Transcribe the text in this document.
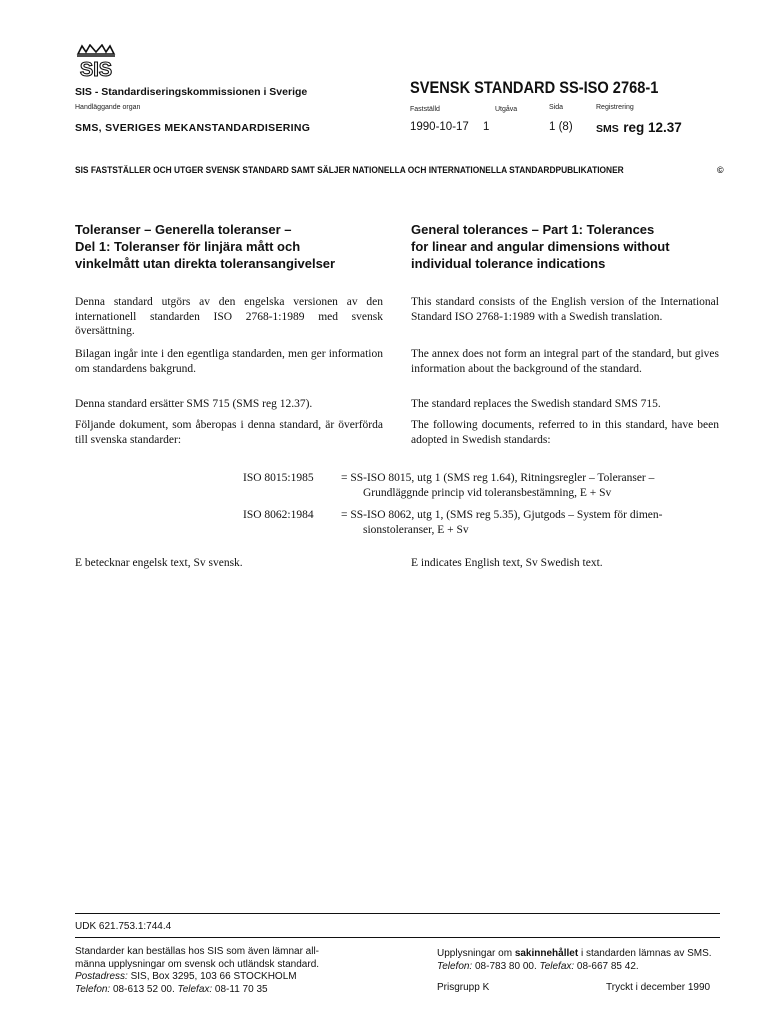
SIS
SIS - Standardiseringskommissionen i Sverige
Handläggande organ
SMS, SVERIGES MEKANSTANDARDISERING
SVENSK STANDARD SS-ISO 2768-1
Fastställd	Utgåva	Sida	Registrering
1990-10-17 1	1 (8) SMS reg 12.37
SIS FASTSTÄLLER OCH UTGER SVENSK STANDARD SAMT SÄLJER NATIONELLA OCH INTERNATIONELLA STANDARDPUBLIKATIONER	©
Toleranser – Generella toleranser –
Del 1: Toleranser för linjära mått och
vinkelmått utan direkta toleransangivelser
General tolerances – Part 1: Tolerances
for linear and angular dimensions without
individual tolerance indications
Denna standard utgörs av den engelska versionen av den internationell standarden ISO 2768-1:1989 med svensk översättning.
Bilagan ingår inte i den egentliga standarden, men ger information om standardens bakgrund.
Denna standard ersätter SMS 715 (SMS reg 12.37).
Följande dokument, som åberopas i denna standard, är överförda till svenska standarder:
This standard consists of the English version of the International Standard ISO 2768-1:1989 with a Swedish translation.
The annex does not form an integral part of the standard, but gives information about the background of the standard.
The standard replaces the Swedish standard SMS 715.
The following documents, referred to in this standard, have been adopted in Swedish standards:
ISO 8015:1985 = SS-ISO 8015, utg 1 (SMS reg 1.64), Ritningsregler – Toleranser –
Grundläggnde princip vid toleransbestämning, E + Sv
ISO 8062:1984 = SS-ISO 8062, utg 1, (SMS reg 5.35), Gjutgods – System för dimen-
sionstoleranser, E + Sv
E betecknar engelsk text, Sv svensk.	E indicates English text, Sv Swedish text.
UDK 621.753.1:744.4
Standarder kan beställas hos SIS som även lämnar all-
männa upplysningar om svensk och utländsk standard.
Postadress: SIS, Box 3295, 103 66 STOCKHOLM
Telefon: 08-613 52 00. Telefax: 08-11 70 35
Upplysningar om sakinnehållet i standarden lämnas av SMS.
Telefon: 08-783 80 00. Telefax: 08-667 85 42.
Prisgrupp K	Tryckt i december 1990
